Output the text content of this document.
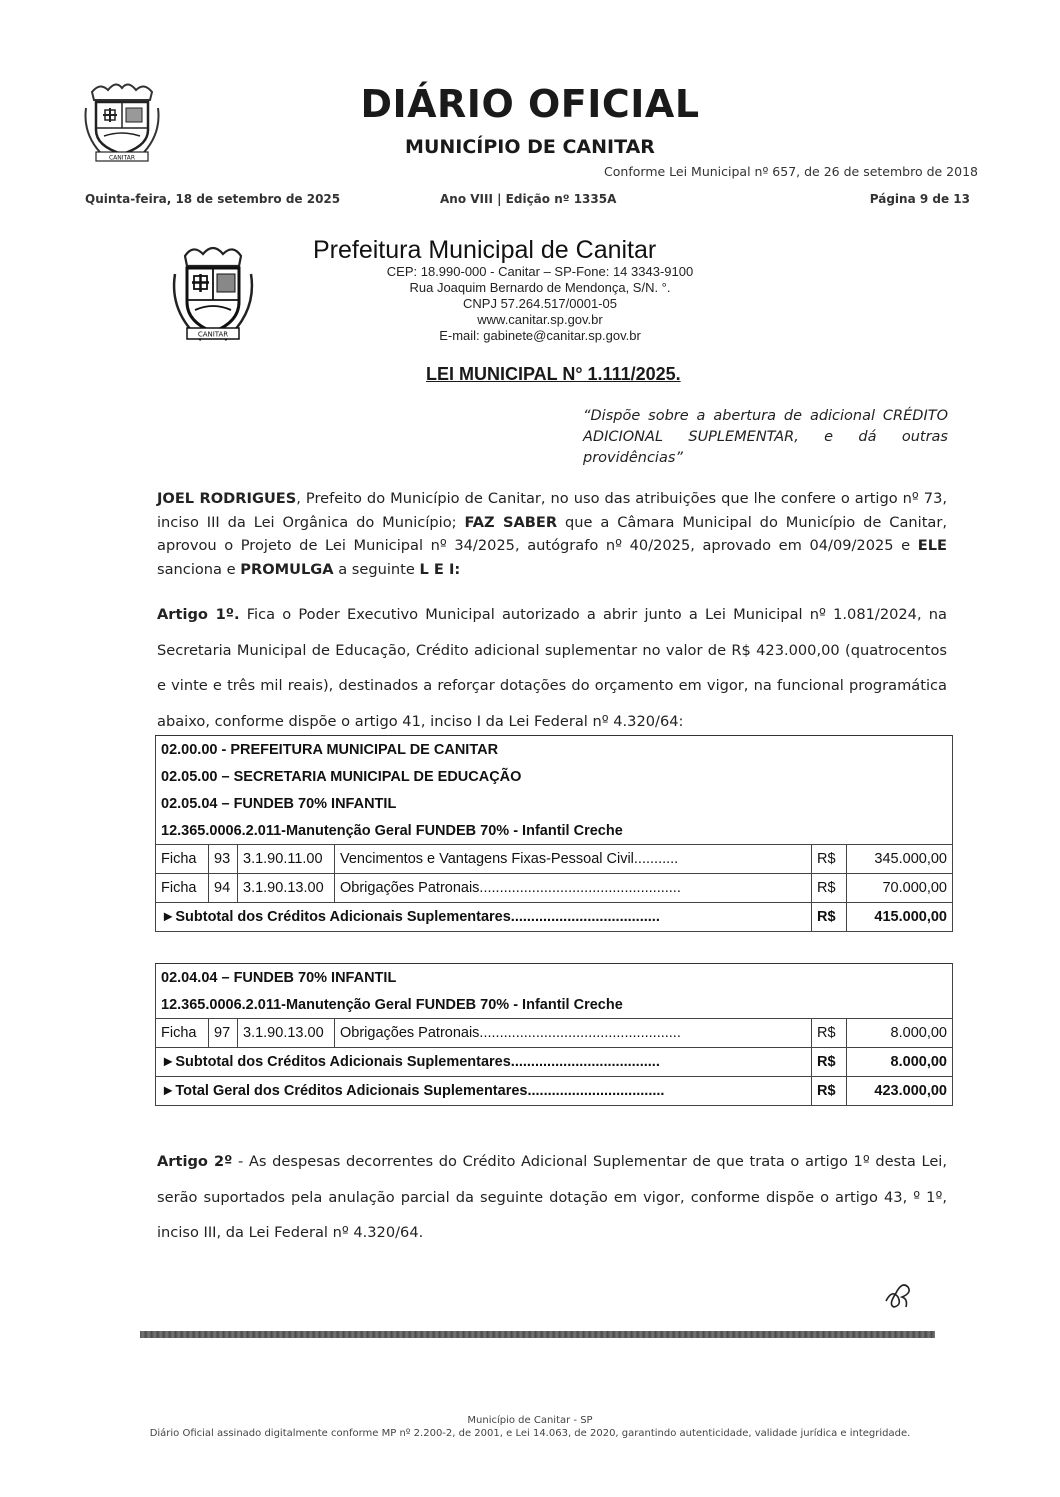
CANITAR
DIÁRIO OFICIAL
MUNICÍPIO DE CANITAR
Conforme Lei Municipal nº 657, de 26 de setembro de 2018
Quinta-feira, 18 de setembro de 2025	Ano VIII | Edição nº 1335A	Página 9 de 13
CANITAR
Prefeitura Municipal de Canitar
CEP: 18.990-000 - Canitar – SP-Fone: 14 3343-9100
Rua Joaquim Bernardo de Mendonça, S/N. °.
CNPJ 57.264.517/0001-05
www.canitar.sp.gov.br
E-mail: gabinete@canitar.sp.gov.br
LEI MUNICIPAL N° 1.111/2025.
“Dispõe sobre a abertura de adicional CRÉDITO ADICIONAL SUPLEMENTAR, e dá outras providências”
JOEL RODRIGUES, Prefeito do Município de Canitar, no uso das atribuições que lhe confere o artigo nº 73, inciso III da Lei Orgânica do Município; FAZ SABER que a Câmara Municipal do Município de Canitar, aprovou o Projeto de Lei Municipal nº 34/2025, autógrafo nº 40/2025, aprovado em 04/09/2025 e ELE sanciona e PROMULGA a seguinte L E I:
Artigo 1º. Fica o Poder Executivo Municipal autorizado a abrir junto a Lei Municipal nº 1.081/2024, na Secretaria Municipal de Educação, Crédito adicional suplementar no valor de R$ 423.000,00 (quatrocentos e vinte e três mil reais), destinados a reforçar dotações do orçamento em vigor, na funcional programática abaixo, conforme dispõe o artigo 41, inciso I da Lei Federal nº 4.320/64:
02.00.00 - PREFEITURA MUNICIPAL DE CANITAR					
02.05.00 – SECRETARIA MUNICIPAL DE EDUCAÇÃO					
02.05.04 – FUNDEB 70% INFANTIL					
12.365.0006.2.011-Manutenção Geral FUNDEB 70% - Infantil Creche					
Ficha	93	3.1.90.11.00	Vencimentos e Vantagens Fixas-Pessoal Civil...........	R$	345.000,00
Ficha	94	3.1.90.13.00	Obrigações Patronais..................................................	R$	70.000,00
►Subtotal dos Créditos Adicionais Suplementares.....................................				R$	415.000,00
02.04.04 – FUNDEB 70% INFANTIL					
12.365.0006.2.011-Manutenção Geral FUNDEB 70% - Infantil Creche					
Ficha	97	3.1.90.13.00	Obrigações Patronais..................................................	R$	8.000,00
►Subtotal dos Créditos Adicionais Suplementares.....................................				R$	8.000,00
►Total Geral dos Créditos Adicionais Suplementares..................................				R$	423.000,00
Artigo 2º - As despesas decorrentes do Crédito Adicional Suplementar de que trata o artigo 1º desta Lei, serão suportados pela anulação parcial da seguinte dotação em vigor, conforme dispõe o artigo 43, º 1º, inciso III, da Lei Federal nº 4.320/64.
Município de Canitar - SP
Diário Oficial assinado digitalmente conforme MP nº 2.200-2, de 2001, e Lei 14.063, de 2020, garantindo autenticidade, validade jurídica e integridade.
